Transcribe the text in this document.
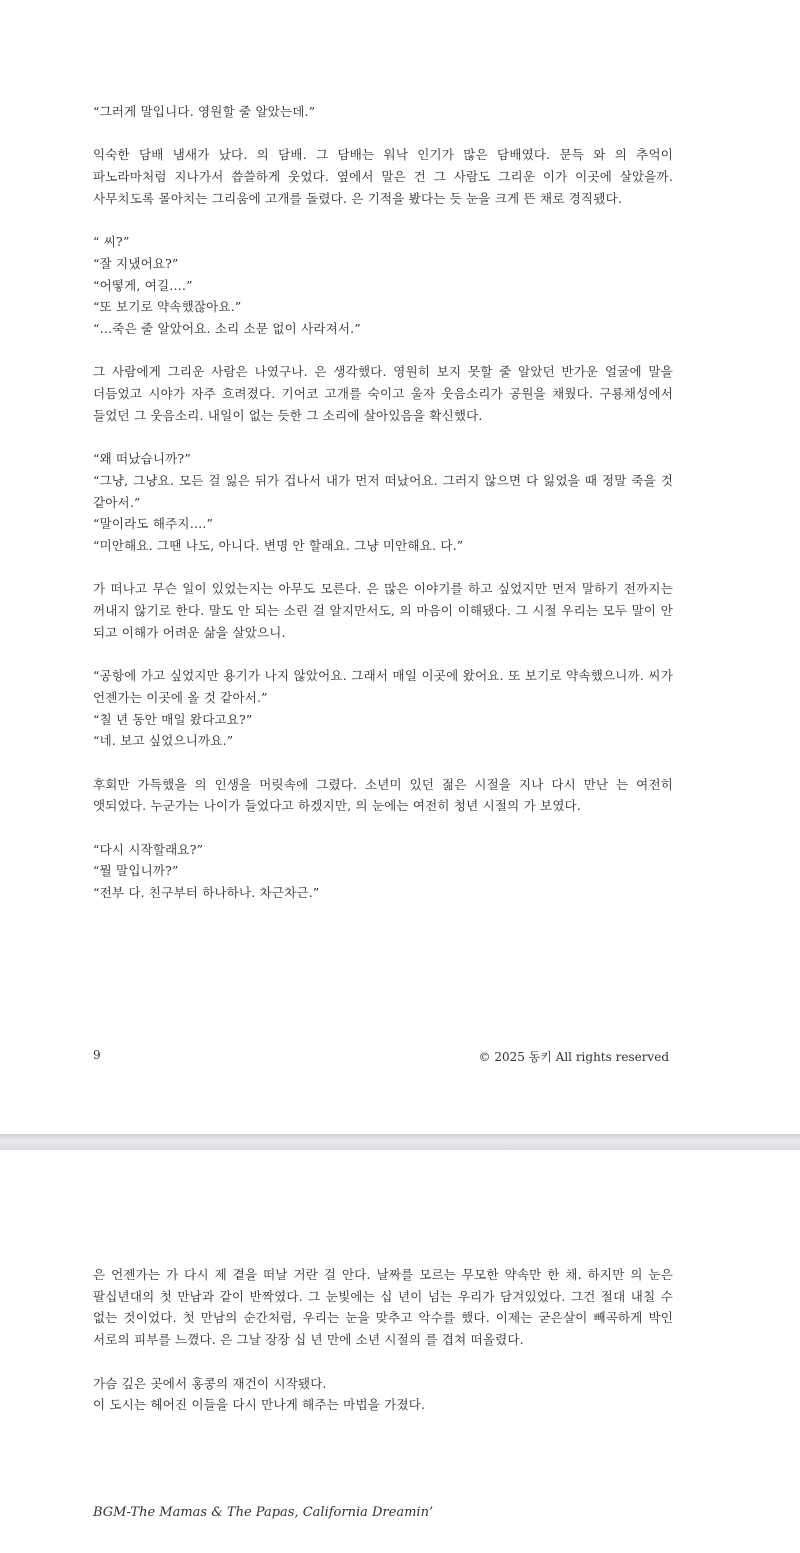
“그러게 말입니다. 영원할 줄 알았는데.”

익숙한 담배 냄새가 났다. 의 담배. 그 담배는 워낙 인기가 많은 담배였다. 문득 와 의 추억이 파노라마처럼 지나가서 씁쓸하게 웃었다. 옆에서 말은 건 그 사람도 그리운 이가 이곳에 살았을까. 사무치도록 몰아치는 그리움에 고개를 돌렸다. 은 기적을 봤다는 듯 눈을 크게 뜬 채로 경직됐다.

“ 씨?”

“잘 지냈어요?”

“어떻게, 여길….”

“또 보기로 약속했잖아요.”

“…죽은 줄 알았어요. 소리 소문 없이 사라져서.”

그 사람에게 그리운 사람은 나였구나. 은 생각했다. 영원히 보지 못할 줄 알았던 반가운 얼굴에 말을 더듬었고 시야가 자주 흐려졌다. 기어코 고개를 숙이고 울자 웃음소리가 공원을 채웠다. 구룡채성에서 들었던 그 웃음소리. 내일이 없는 듯한 그 소리에 살아있음을 확신했다.

“왜 떠났습니까?”

“그냥, 그냥요. 모든 걸 잃은 뒤가 겁나서 내가 먼저 떠났어요. 그러지 않으면 다 잃었을 때 정말 죽을 것 같아서.”

“말이라도 해주지….”

“미안해요. 그땐 나도, 아니다. 변명 안 할래요. 그냥 미안해요. 다.”

가 떠나고 무슨 일이 있었는지는 아무도 모른다. 은 많은 이야기를 하고 싶었지만 먼저 말하기 전까지는 꺼내지 않기로 한다. 말도 안 되는 소린 걸 알지만서도, 의 마음이 이해됐다. 그 시절 우리는 모두 말이 안 되고 이해가 어려운 삶을 살았으니.

“공항에 가고 싶었지만 용기가 나지 않았어요. 그래서 매일 이곳에 왔어요. 또 보기로 약속했으니까. 씨가 언젠가는 이곳에 올 것 같아서.”

“칠 년 동안 매일 왔다고요?”

“네. 보고 싶었으니까요.”

후회만 가득했을 의 인생을 머릿속에 그렸다. 소년미 있던 젊은 시절을 지나 다시 만난 는 여전히 앳되었다. 누군가는 나이가 들었다고 하겠지만, 의 눈에는 여전히 청년 시절의 가 보였다.

“다시 시작할래요?”

“뭘 말입니까?”

“전부 다. 친구부터 하나하나. 차근차근.”

9	© 2025 동키 All rights reserved

은 언젠가는 가 다시 제 곁을 떠날 거란 걸 안다. 날짜를 모르는 무모한 약속만 한 채. 하지만 의 눈은 팔십년대의 첫 만남과 같이 반짝였다. 그 눈빛에는 십 년이 넘는 우리가 담겨있었다. 그건 절대 내칠 수 없는 것이었다. 첫 만남의 순간처럼, 우리는 눈을 맞추고 악수를 했다. 이제는 굳은살이 빼곡하게 박인 서로의 피부를 느꼈다. 은 그날 장장 십 년 만에 소년 시절의 를 겹쳐 떠올렸다.

가슴 깊은 곳에서 홍콩의 재건이 시작됐다.

이 도시는 헤어진 이들을 다시 만나게 해주는 마법을 가졌다.

BGM-The Mamas & The Papas, California Dreamin’
